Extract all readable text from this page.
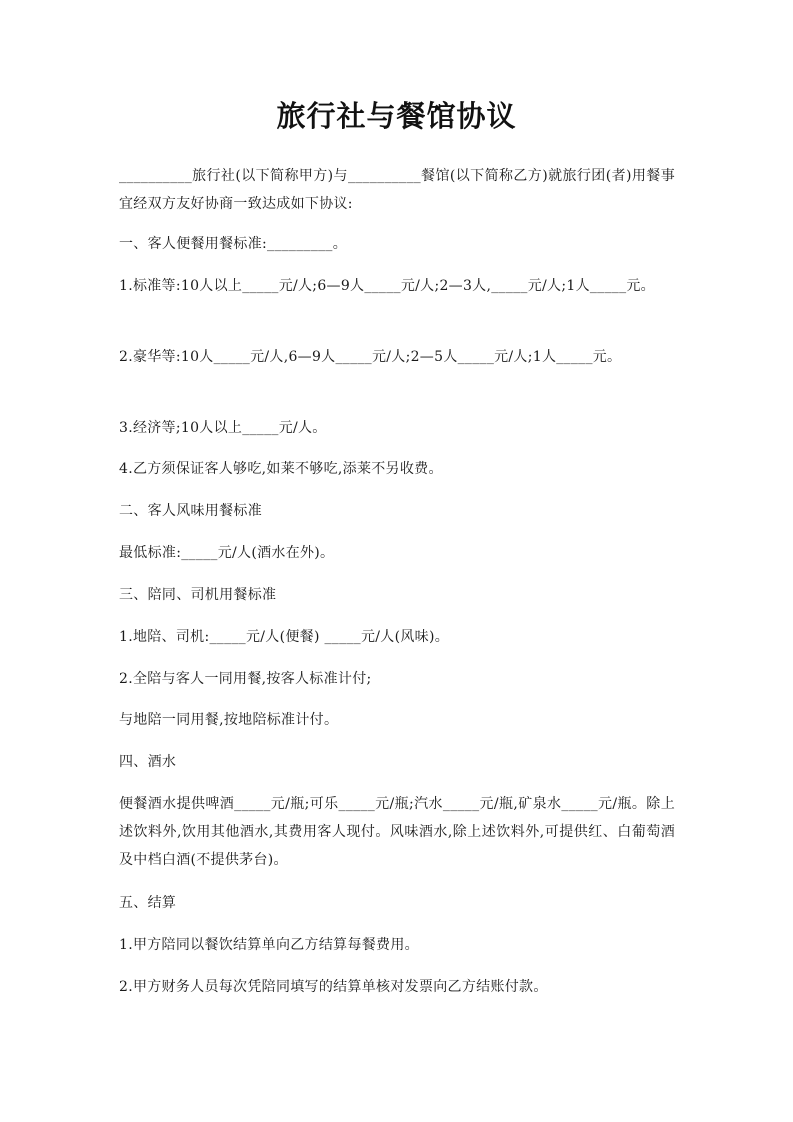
旅行社与餐馆协议

__________旅行社(以下简称甲方)与__________餐馆(以下简称乙方)就旅行团(者)用餐事宜经双方友好协商一致达成如下协议:

一、客人便餐用餐标准:_________。

1.标准等:10人以上_____元/人;6—9人_____元/人;2—3人,_____元/人;1人_____元。

2.豪华等:10人_____元/人,6—9人_____元/人;2—5人_____元/人;1人_____元。

3.经济等;10人以上_____元/人。

4.乙方须保证客人够吃,如莱不够吃,添莱不另收费。

二、客人风味用餐标准

最低标准:_____元/人(酒水在外)。

三、陪同、司机用餐标准

1.地陪、司机:_____元/人(便餐) _____元/人(风味)。

2.全陪与客人一同用餐,按客人标准计付;

与地陪一同用餐,按地陪标准计付。

四、酒水

便餐酒水提供啤酒_____元/瓶;可乐_____元/瓶;汽水_____元/瓶,矿泉水_____元/瓶。除上述饮料外,饮用其他酒水,其费用客人现付。风味酒水,除上述饮料外,可提供红、白葡萄酒及中档白酒(不提供茅台)。

五、结算

1.甲方陪同以餐饮结算单向乙方结算每餐费用。

2.甲方财务人员每次凭陪同填写的结算单核对发票向乙方结账付款。
